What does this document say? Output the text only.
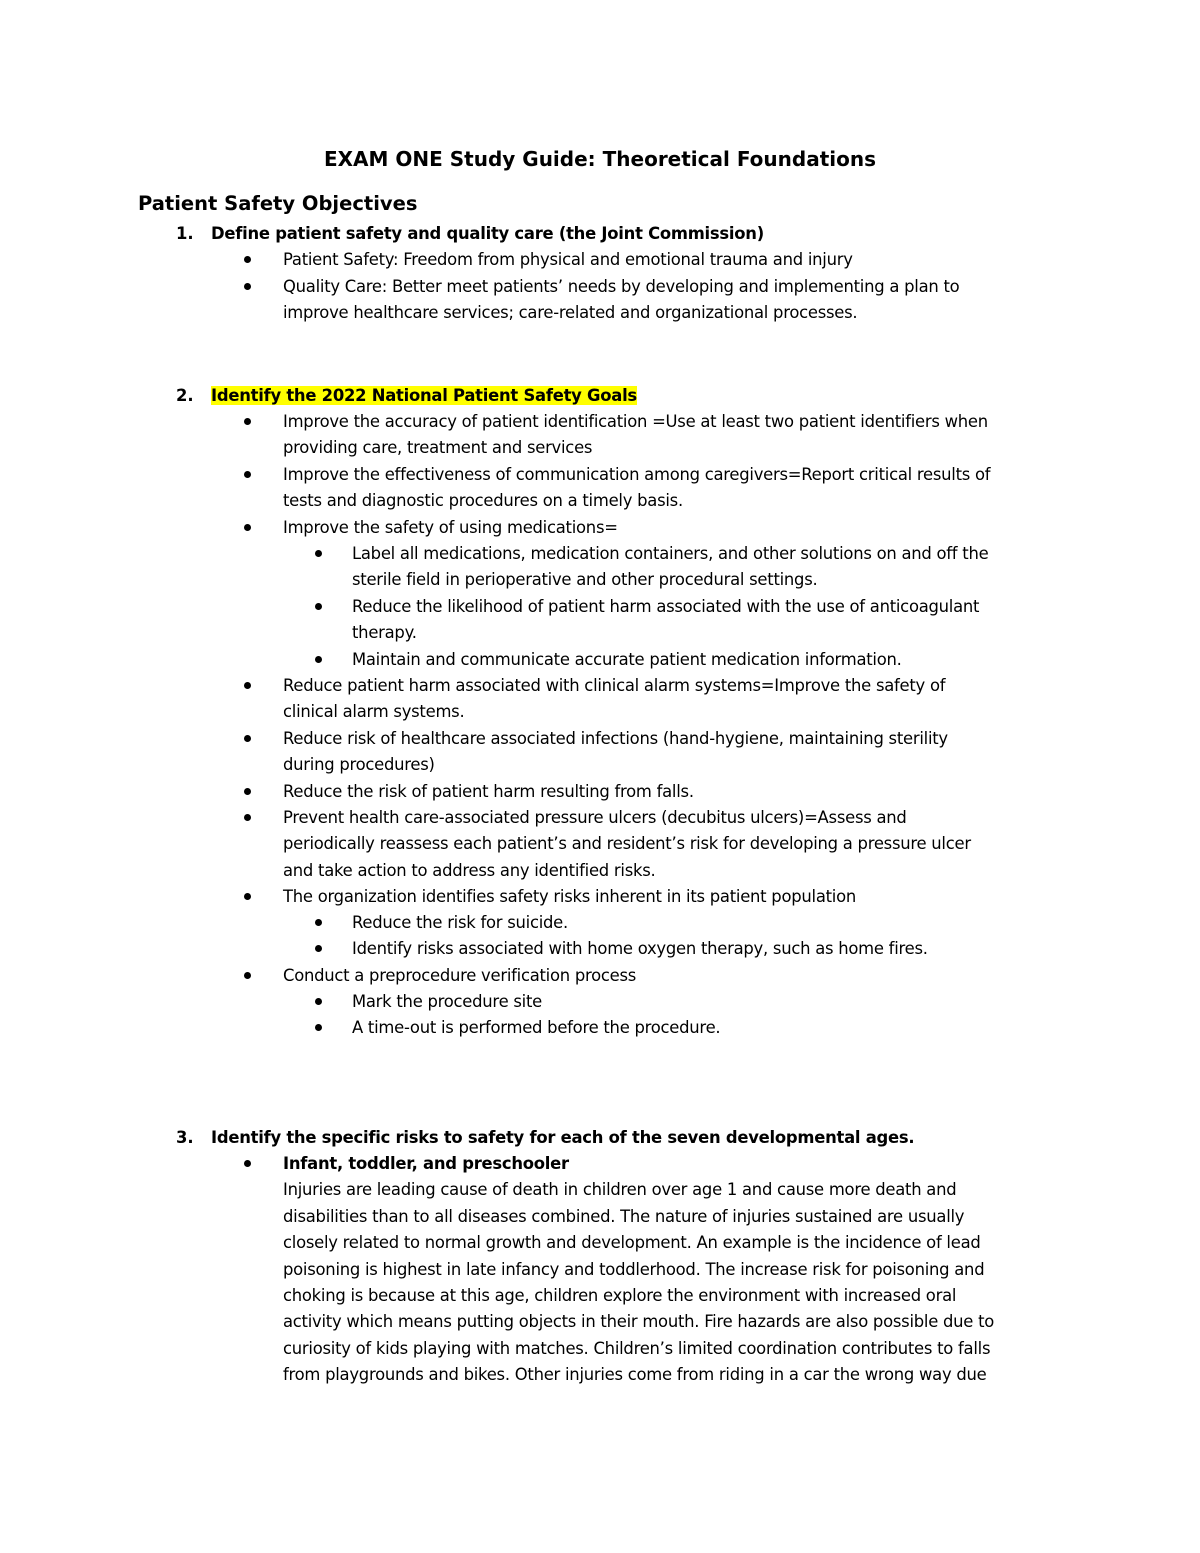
EXAM ONE Study Guide: Theoretical Foundations
Patient Safety Objectives
1. Define patient safety and quality care (the Joint Commission)
Patient Safety: Freedom from physical and emotional trauma and injury
Quality Care: Better meet patients’ needs by developing and implementing a plan to
improve healthcare services; care-related and organizational processes.
2. Identify the 2022 National Patient Safety Goals
Improve the accuracy of patient identification =Use at least two patient identifiers when
providing care, treatment and services
Improve the effectiveness of communication among caregivers=Report critical results of
tests and diagnostic procedures on a timely basis.
Improve the safety of using medications=
Label all medications, medication containers, and other solutions on and off the
sterile field in perioperative and other procedural settings.
Reduce the likelihood of patient harm associated with the use of anticoagulant
therapy.
Maintain and communicate accurate patient medication information.
Reduce patient harm associated with clinical alarm systems=Improve the safety of
clinical alarm systems.
Reduce risk of healthcare associated infections (hand-hygiene, maintaining sterility
during procedures)
Reduce the risk of patient harm resulting from falls.
Prevent health care-associated pressure ulcers (decubitus ulcers)=Assess and
periodically reassess each patient’s and resident’s risk for developing a pressure ulcer
and take action to address any identified risks.
The organization identifies safety risks inherent in its patient population
Reduce the risk for suicide.
Identify risks associated with home oxygen therapy, such as home fires.
Conduct a preprocedure verification process
Mark the procedure site
A time-out is performed before the procedure.
3. Identify the specific risks to safety for each of the seven developmental ages.
Infant, toddler, and preschooler
Injuries are leading cause of death in children over age 1 and cause more death and
disabilities than to all diseases combined. The nature of injuries sustained are usually
closely related to normal growth and development. An example is the incidence of lead
poisoning is highest in late infancy and toddlerhood. The increase risk for poisoning and
choking is because at this age, children explore the environment with increased oral
activity which means putting objects in their mouth. Fire hazards are also possible due to
curiosity of kids playing with matches. Children’s limited coordination contributes to falls
from playgrounds and bikes. Other injuries come from riding in a car the wrong way due
